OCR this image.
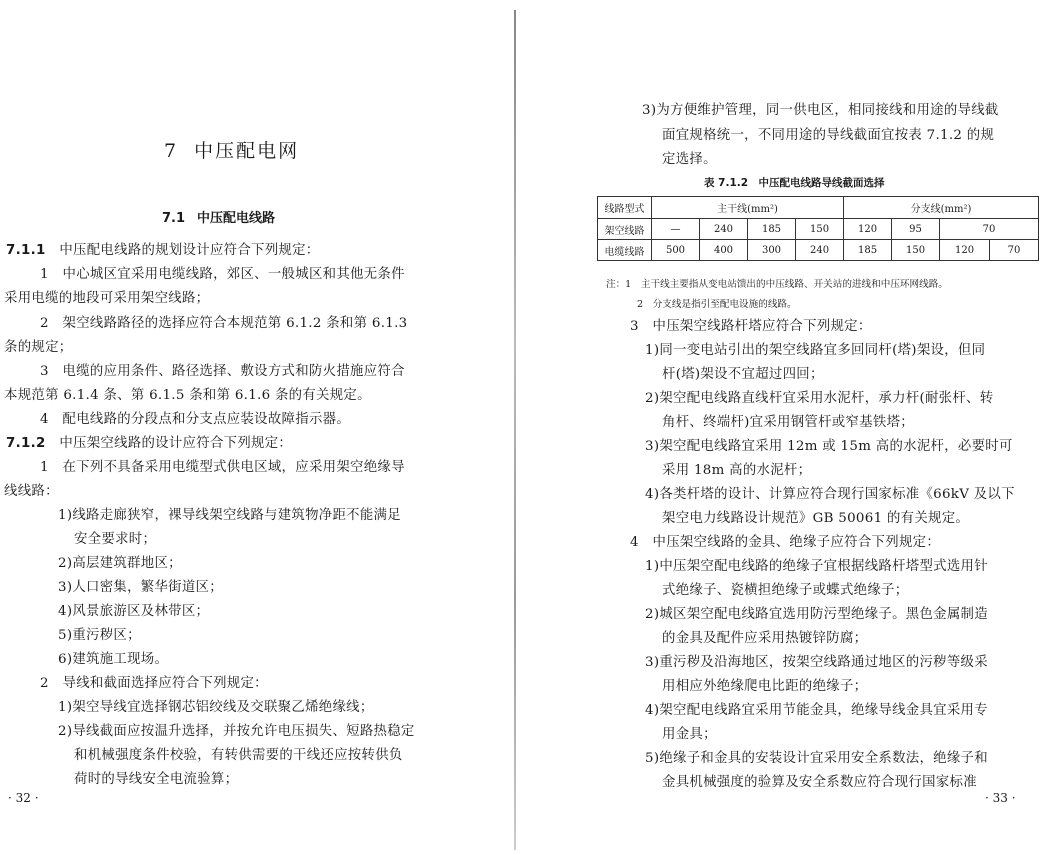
7 中压配电网
7.1 中压配电线路
7.1.1　 中压配电线路的规划设计应符合下列规定：
1　中心城区宜采用电缆线路，郊区、一般城区和其他无条件
采用电缆的地段可采用架空线路；
2　架空线路路径的选择应符合本规范第 6.1.2 条和第 6.1.3
条的规定；
3　电缆的应用条件、路径选择、敷设方式和防火措施应符合
本规范第 6.1.4 条、第 6.1.5 条和第 6.1.6 条的有关规定。
4　配电线路的分段点和分支点应装设故障指示器。
7.1.2　 中压架空线路的设计应符合下列规定：
1　在下列不具备采用电缆型式供电区域，应采用架空绝缘导
线线路：
1)线路走廊狭窄，裸导线架空线路与建筑物净距不能满足
安全要求时；
2)高层建筑群地区；
3)人口密集，繁华街道区；
4)风景旅游区及林带区；
5)重污秽区；
6)建筑施工现场。
2　导线和截面选择应符合下列规定：
1)架空导线宜选择钢芯铝绞线及交联聚乙烯绝缘线；
2)导线截面应按温升选择，并按允许电压损失、短路热稳定
和机械强度条件校验，有转供需要的干线还应按转供负
荷时的导线安全电流验算；
· 32 ·
3)为方便维护管理，同一供电区，相同接线和用途的导线截
面宜规格统一，不同用途的导线截面宜按表 7.1.2 的规
定选择。
表 7.1.2　中压配电线路导线截面选择
线路型式	主干线(mm²)				分支线(mm²)			
架空线路	—	240	185	150	120	95	70	
电缆线路	500	400	300	240	185	150	120	70
注：1　主干线主要指从变电站馈出的中压线路、开关站的进线和中压环网线路。
2　分支线是指引至配电设施的线路。
3　中压架空线路杆塔应符合下列规定：
1)同一变电站引出的架空线路宜多回同杆(塔)架设，但同
杆(塔)架设不宜超过四回；
2)架空配电线路直线杆宜采用水泥杆，承力杆(耐张杆、转
角杆、终端杆)宜采用钢管杆或窄基铁塔；
3)架空配电线路宜采用 12m 或 15m 高的水泥杆，必要时可
采用 18m 高的水泥杆；
4)各类杆塔的设计、计算应符合现行国家标准《66kV 及以下
架空电力线路设计规范》GB 50061 的有关规定。
4　中压架空线路的金具、绝缘子应符合下列规定：
1)中压架空配电线路的绝缘子宜根据线路杆塔型式选用针
式绝缘子、瓷横担绝缘子或蝶式绝缘子；
2)城区架空配电线路宜选用防污型绝缘子。黑色金属制造
的金具及配件应采用热镀锌防腐；
3)重污秽及沿海地区，按架空线路通过地区的污秽等级采
用相应外绝缘爬电比距的绝缘子；
4)架空配电线路宜采用节能金具，绝缘导线金具宜采用专
用金具；
5)绝缘子和金具的安装设计宜采用安全系数法，绝缘子和
金具机械强度的验算及安全系数应符合现行国家标准
· 33 ·
